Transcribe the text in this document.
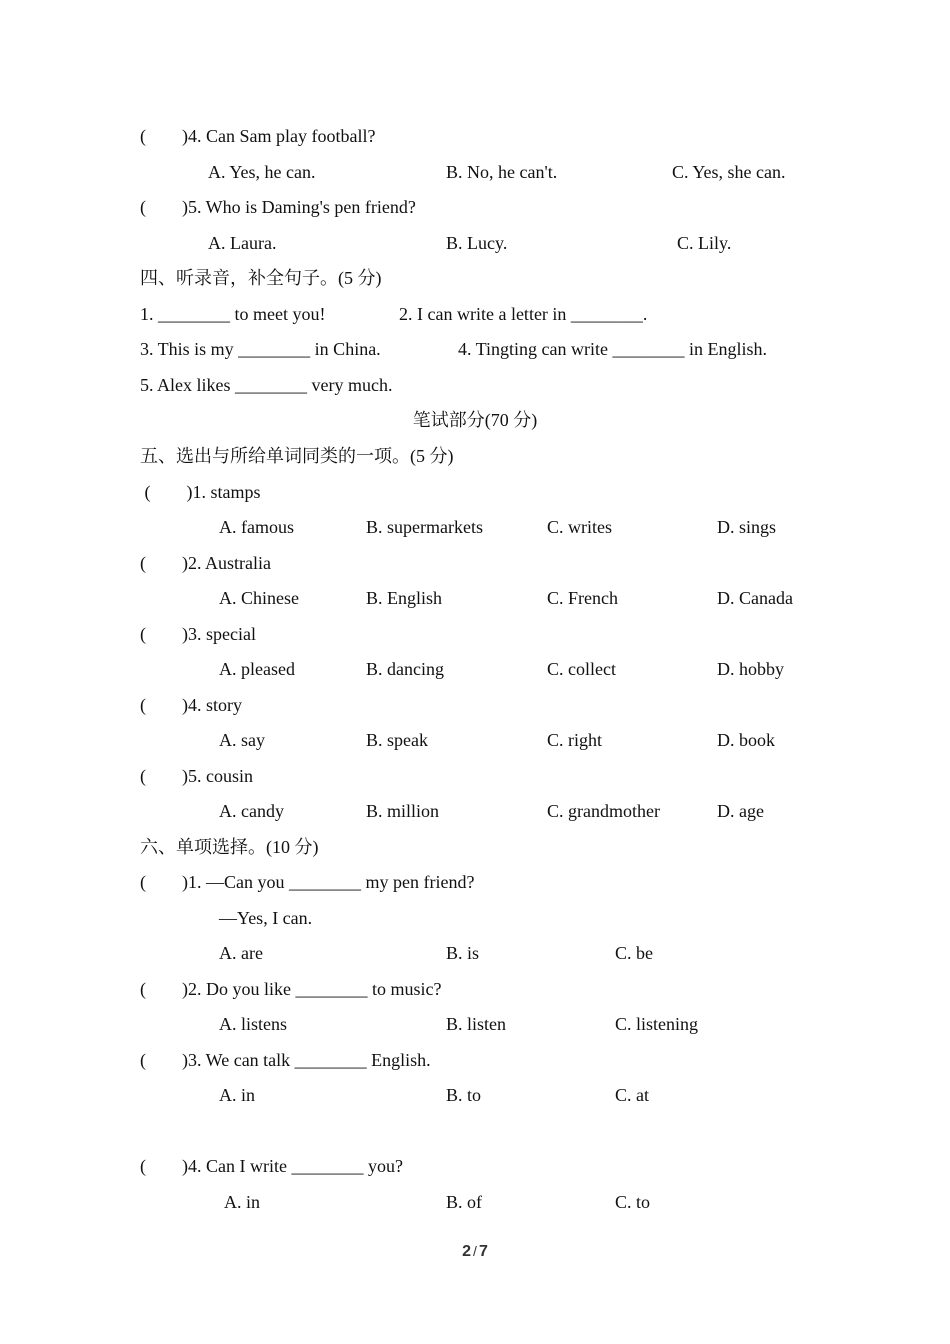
(        )4. Can Sam play football?
A. Yes, he can.	B. No, he can't.	C. Yes, she can.
(        )5. Who is Daming's pen friend?
A. Laura.	B. Lucy.	C. Lily.
四、听录音，补全句子。(5 分)
1. ________ to meet you!	2. I can write a letter in ________.
3. This is my ________ in China.	4. Tingting can write ________ in English.
5. Alex likes ________ very much.
笔试部分(70 分)
五、选出与所给单词同类的一项。(5 分)
(        )1. stamps
A. famous	B. supermarkets	C. writes	D. sings
(        )2. Australia
A. Chinese	B. English	C. French	D. Canada
(        )3. special
A. pleased	B. dancing	C. collect	D. hobby
(        )4. story
A. say	B. speak	C. right	D. book
(        )5. cousin
A. candy	B. million	C. grandmother	D. age
六、单项选择。(10 分)
(        )1. —Can you ________ my pen friend?
—Yes, I can.
A. are	B. is	C. be
(        )2. Do you like ________ to music?
A. listens	B. listen	C. listening
(        )3. We can talk ________ English.
A. in	B. to	C. at
(        )4. Can I write ________ you?
A. in	B. of	C. to
2 / 7
